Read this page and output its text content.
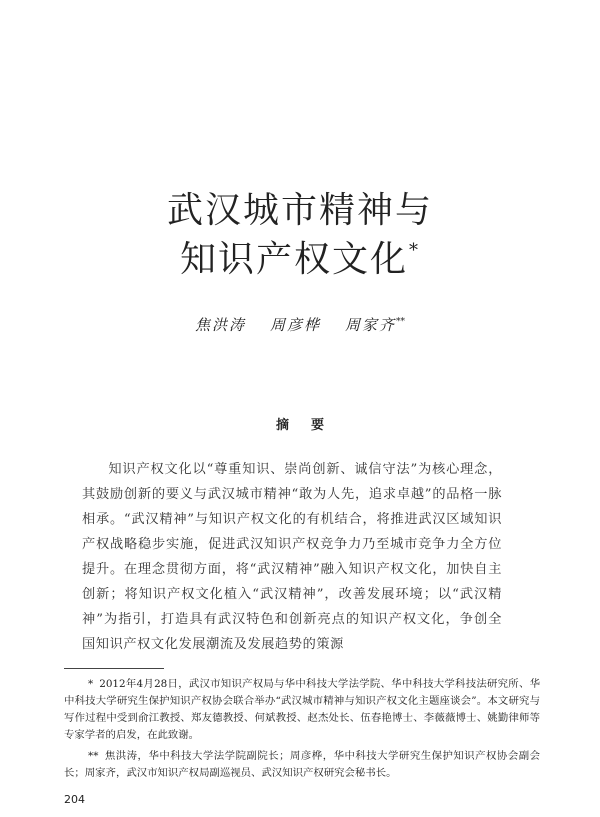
武汉城市精神与
知识产权文化*
焦洪涛 周彦桦 周家齐**
摘 要

知识产权文化以“尊重知识、崇尚创新、诚信守法”为核心理念，其鼓励创新的要义与武汉城市精神“敢为人先，追求卓越”的品格一脉相承。“武汉精神”与知识产权文化的有机结合，将推进武汉区域知识产权战略稳步实施，促进武汉知识产权竞争力乃至城市竞争力全方位提升。在理念贯彻方面，将“武汉精神”融入知识产权文化，加快自主创新；将知识产权文化植入“武汉精神”，改善发展环境；以“武汉精神”为指引，打造具有武汉特色和创新亮点的知识产权文化，争创全国知识产权文化发展潮流及发展趋势的策源

* 2012年4月28日，武汉市知识产权局与华中科技大学法学院、华中科技大学科技法研究所、华中科技大学研究生保护知识产权协会联合举办“武汉城市精神与知识产权文化主题座谈会”。本文研究与写作过程中受到俞江教授、郑友德教授、何斌教授、赵杰处长、伍春艳博士、李薇薇博士、姚勤律师等专家学者的启发，在此致谢。

** 焦洪涛，华中科技大学法学院副院长；周彦桦，华中科技大学研究生保护知识产权协会副会长；周家齐，武汉市知识产权局副巡视员、武汉知识产权研究会秘书长。

204
